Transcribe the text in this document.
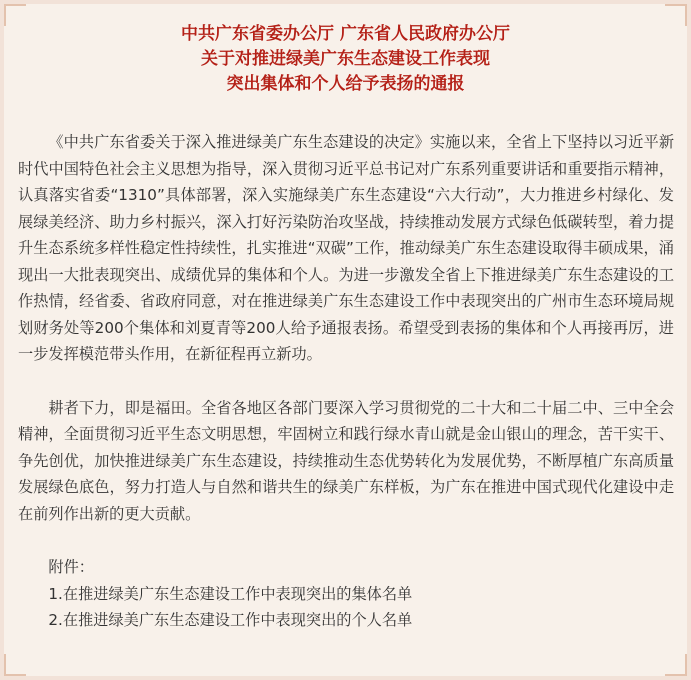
中共广东省委办公厅 广东省人民政府办公厅
关于对推进绿美广东生态建设工作表现
突出集体和个人给予表扬的通报

《中共广东省委关于深入推进绿美广东生态建设的决定》实施以来，全省上下坚持以习近平新时代中国特色社会主义思想为指导，深入贯彻习近平总书记对广东系列重要讲话和重要指示精神，认真落实省委“1310”具体部署，深入实施绿美广东生态建设“六大行动”，大力推进乡村绿化、发展绿美经济、助力乡村振兴，深入打好污染防治攻坚战，持续推动发展方式绿色低碳转型，着力提升生态系统多样性稳定性持续性，扎实推进“双碳”工作，推动绿美广东生态建设取得丰硕成果，涌现出一大批表现突出、成绩优异的集体和个人。为进一步激发全省上下推进绿美广东生态建设的工作热情，经省委、省政府同意，对在推进绿美广东生态建设工作中表现突出的广州市生态环境局规划财务处等200个集体和刘夏青等200人给予通报表扬。希望受到表扬的集体和个人再接再厉，进一步发挥模范带头作用，在新征程再立新功。

耕者下力，即是福田。全省各地区各部门要深入学习贯彻党的二十大和二十届二中、三中全会精神，全面贯彻习近平生态文明思想，牢固树立和践行绿水青山就是金山银山的理念，苦干实干、争先创优，加快推进绿美广东生态建设，持续推动生态优势转化为发展优势，不断厚植广东高质量发展绿色底色，努力打造人与自然和谐共生的绿美广东样板，为广东在推进中国式现代化建设中走在前列作出新的更大贡献。

附件：

1.在推进绿美广东生态建设工作中表现突出的集体名单

2.在推进绿美广东生态建设工作中表现突出的个人名单
